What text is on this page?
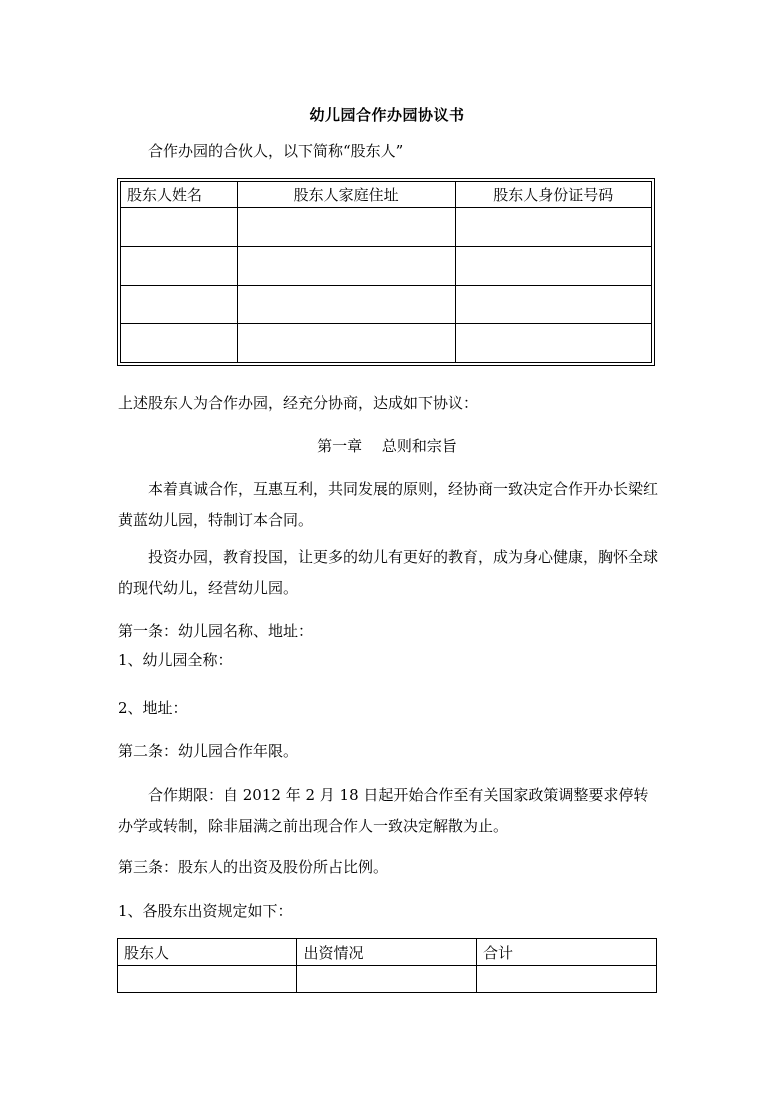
幼儿园合作办园协议书
合作办园的合伙人，以下简称“股东人”
股东人姓名	股东人家庭住址	股东人身份证号码

上述股东人为合作办园，经充分协商，达成如下协议：
第一章　 总则和宗旨
本着真诚合作，互惠互利，共同发展的原则，经协商一致决定合作开办长梁红黄蓝幼儿园，特制订本合同。
投资办园，教育投国，让更多的幼儿有更好的教育，成为身心健康，胸怀全球的现代幼儿，经营幼儿园。
第一条：幼儿园名称、地址：
1、幼儿园全称：
2、地址：
第二条：幼儿园合作年限。
合作期限：自 2012 年 2 月 18 日起开始合作至有关国家政策调整要求停转办学或转制，除非届满之前出现合作人一致决定解散为止。
第三条：股东人的出资及股份所占比例。
1、各股东出资规定如下：
股东人	出资情况	合计
